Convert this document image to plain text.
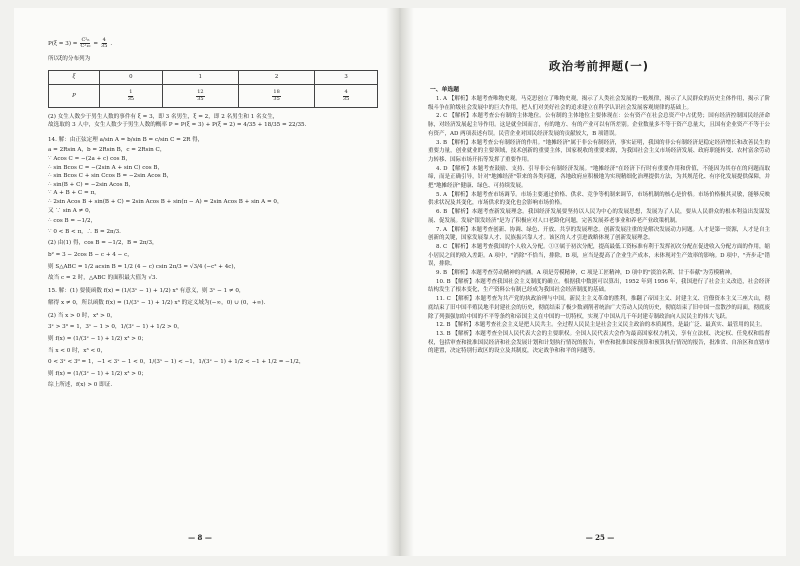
$P(\xi = 3) = \frac{\text{C²₆}}{\text{C²₁₀}} = \frac{4}{35}$ .

所以ξ的分布列为

ξ	0	1	2	3
P	$\frac{1}{35}$	$\frac{12}{35}$	$\frac{18}{35}$	$\frac{4}{35}$

(2) 女生人数少于男生人数的事件有 ξ = 3，即 3 名男生，ξ = 2，即 2 名男生和 1 名女生，

故选取的 3 人中，女生人数少于男生人数的概率 P = P(ξ = 3) + P(ξ = 2) = 4/35 + 18/35 = 22/35.

14. 解：由正弦定理 a/sin A = b/sin B = c/sin C = 2R 得，

a = 2Rsin A，b = 2Rsin B，c = 2Rsin C，

∵ Acos C = −(2a + c) cos B，

∴ sin Bcos C = −(2sin A + sin C) cos B，

∴ sin Bcos C + sin Ccos B = −2sin Acos B，

∴ sin(B + C) = −2sin Acos B，

∵ A + B + C = π，

∴ 2sin Acos B + sin(B + C) = 2sin Acos B + sin(π − A) = 2sin Acos B + sin A = 0，

又 ∵ sin A ≠ 0，

∴ cos B = −1/2，

∵ 0 < B < π，∴ B = 2π/3.

(2) 由(1) 得，cos B = −1/2，B = 2π/3，

b² = 3 − 2cos B − c + 4 − c，

则 S△ABC = 1/2 acsin B = 1/2 (4 − c) csin 2π/3 = √3/4 (−c² + 4c)，

故当 c = 2 时，△ABC 的面积最大值为 √3.

15. 解：(1) 要使函数 f(x) = (1/(3ˣ − 1) + 1/2) x³ 有意义，则 3ˣ − 1 ≠ 0，

解得 x ≠ 0，所以函数 f(x) = (1/(3ˣ − 1) + 1/2) x³ 的定义域为(−∞，0) ∪ (0，+∞).

(2) 当 x > 0 时，x³ > 0，

3ˣ > 3⁰ = 1，3ˣ − 1 > 0，1/(3ˣ − 1) + 1/2 > 0，

则 f(x) = (1/(3ˣ − 1) + 1/2) x³ > 0；

当 x < 0 时，x³ < 0，

0 < 3ˣ < 3⁰ = 1，−1 < 3ˣ − 1 < 0，1/(3ˣ − 1) < −1，1/(3ˣ − 1) + 1/2 < −1 + 1/2 = −1/2，

则 f(x) = (1/(3ˣ − 1) + 1/2) x³ > 0；

综上所述，f(x) > 0 即证.

— 8 —
政治考前押题(一)
一、单选题

1. A 【解析】本题考查唯物史观。马克思创立了唯物史观，揭示了人类社会发展的一般规律，揭示了人民群众的历史主体作用，揭示了阶级斗争在阶级社会发展中的巨大作用，把人们对美好社会的追求建立在科学认识社会发展客观规律的基础上。

2. C 【解析】本题考查公有制的主体地位。公有制的主体地位主要体现在：公有资产在社会总资产中占优势；国有经济控制国民经济命脉，对经济发展起主导作用。这是就全国而言，有的地方、有的产业可以有所差别。企业数量多不等于资产总量大，且国有企业资产不等于公有资产，AD 两项表述有误。民营企业对国民经济发展的贡献较大，B 项错误。

3. B 【解析】本题考查公有制经济的作用。"地摊经济"属于非公有制经济，事实证明，我国的非公有制经济是稳定经济增长和改善民生的重要力量，创业就业的主要领域，技术创新的重要主体，国家税收的重要来源，为我国社会主义市场经济发展、政府职能转变、农村富余劳动力转移、国际市场开拓等发挥了重要作用。

4. D 【解析】本题考查鼓励、支持、引导非公有制经济发展。"地摊经济"在经济下行时有重要作用和价值，不能因为其存在的问题而取缔，而是正确引导，针对"地摊经济"带来的各类问题，各地政府应积极地为实现精细化治理提供方法，为其规范化、有序化发展提供保障，并把"地摊经济"健康、绿色、可持续发展。

5. A 【解析】本题考查市场调节。市场主要通过价格、供求、竞争等机制来调节，市场机制的核心是价格。市场价格极其灵敏，能够反映供求状况及其变化，市场供求的变化也会影响市场价格。

6. B 【解析】本题考查新发展理念。我国经济发展要坚持以人民为中心的发展思想，发展为了人民，要从人民群众的根本利益出发谋发展、促发展。发展"银发经济"是为了积极应对人口老龄化问题，完善发展养老事业和养老产业政策机制。

7. A 【解析】本题考查创新、协调、绿色、开放、共享的发展理念。创新发展注重的是解决发展动力问题。人才是第一资源，人才是自主创新的关键，国家发展靠人才、民族振兴靠人才。该区的人才引进战略体现了创新发展理念。

8. C 【解析】本题考查我国的个人收入分配。①③属于初次分配，提高最低工资标准有利于发挥初次分配在促进收入分配方面的作用，缩小居民之间的收入差距。A 项中，"消除"不恰当，排除。B 项，应当是提高了企业生产成本，未体现对生产效率的影响。D 项中，"齐步走"错误，排除。

9. B 【解析】本题考查劳动精神的内涵。A 项是劳模精神，C 项是工匠精神，D 项中的"淡泊名利、甘于奉献"为劳模精神。

10. B 【解析】本题考查我国社会主义制度的确立。根据我中数据可以算出，1952 年到 1956 年，我国进行了社会主义改造，社会经济结构发生了根本变化，生产资料公有制已经成为我国社会经济制度的基础。

11. C 【解析】本题考查为共产党的执政治理与中国。新民主主义革命的胜利，推翻了帝国主义、封建主义、官僚资本主义三座大山，彻底结束了旧中国半殖民地半封建社会的历史，彻底结束了极少数剥削者统治广大劳动人民的历史，彻底结束了旧中国一盘散沙的局面，彻底废除了列强强加给中国的不平等条约和帝国主义在中国的一切特权，实现了中国从几千年封建专制政治向人民民主的伟大飞跃。

12. B 【解析】本题考查社会主义是把人民共主。全过程人民民主是社会主义民主政治的本质属性，是最广泛、最真实、最管用的民主。

13. B 【解析】本题考查全国人民代表大会的主要职权。全国人民代表大会作为最高国家权力机关，享有立法权、决定权、任免权和监督权，包括审查和批准国民经济和社会发展计划和计划执行情况的报告，审查和批准国家预算和预算执行情况的报告，批准省、自治区和直辖市的建置，决定特别行政区的设立及其制度，决定战争和和平的问题等。

— 25 —
